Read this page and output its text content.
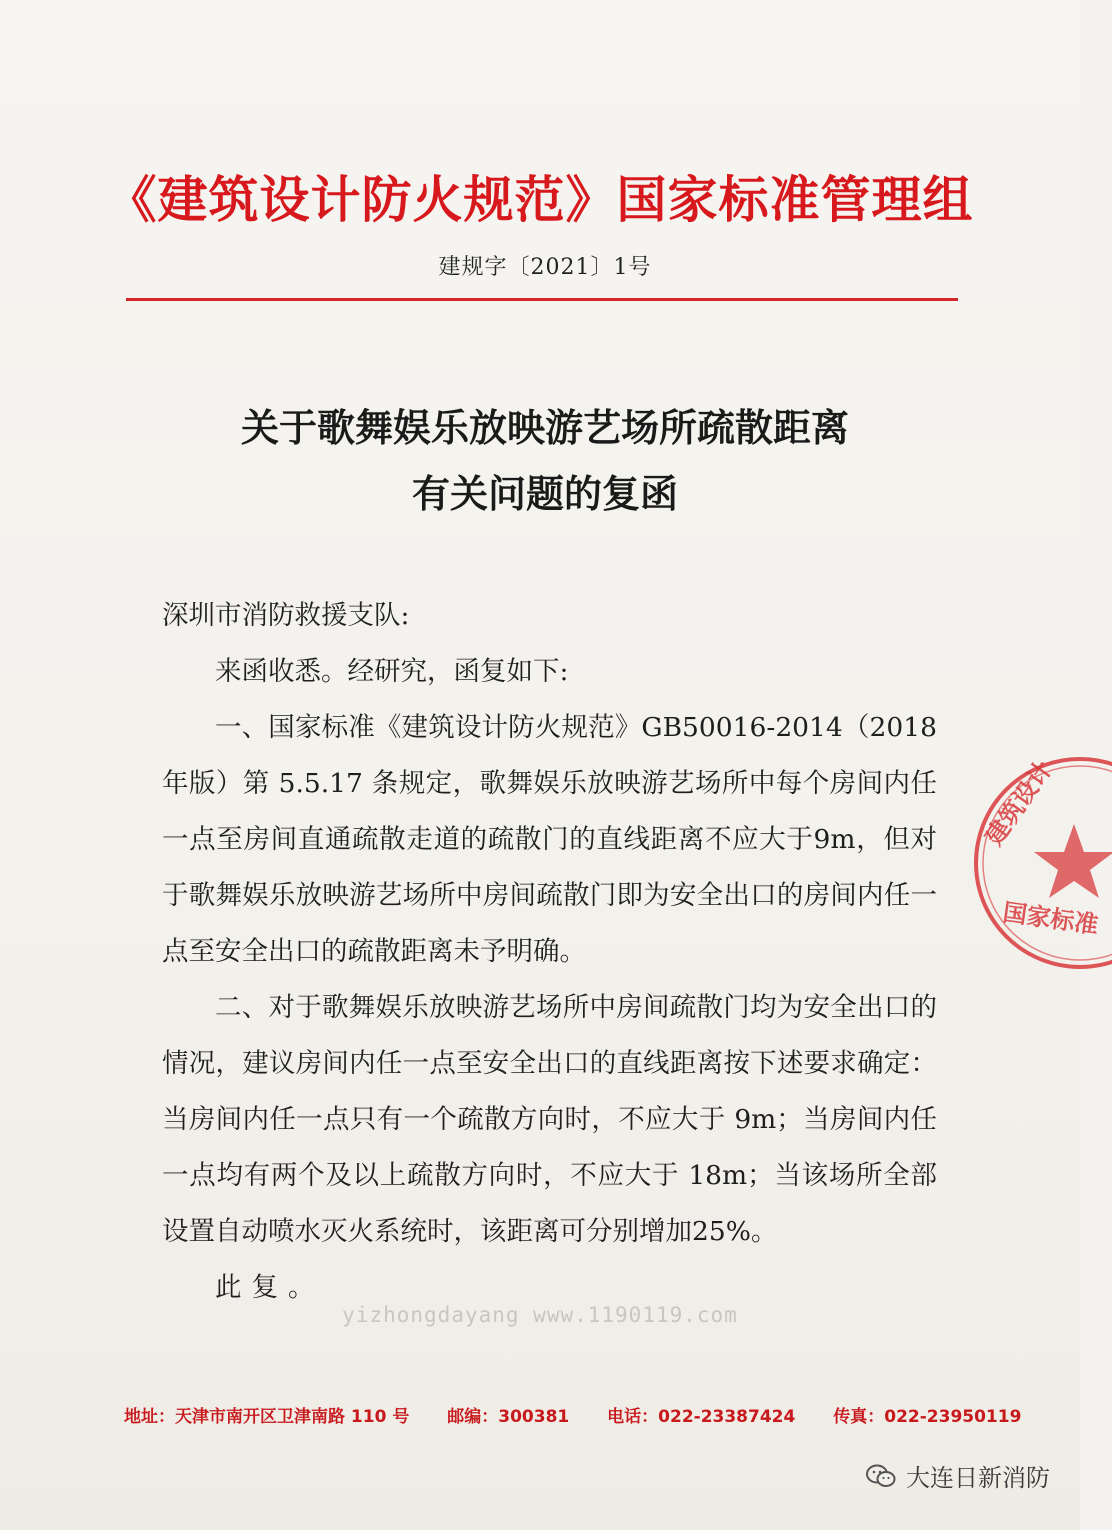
《建筑设计防火规范》国家标准管理组
建规字〔2021〕1号
关于歌舞娱乐放映游艺场所疏散距离
有关问题的复函

深圳市消防救援支队:

来函收悉。经研究，函复如下:

一、国家标准《建筑设计防火规范》GB50016-2014（2018年版）第 5.5.17 条规定，歌舞娱乐放映游艺场所中每个房间内任一点至房间直通疏散走道的疏散门的直线距离不应大于9m，但对于歌舞娱乐放映游艺场所中房间疏散门即为安全出口的房间内任一点至安全出口的疏散距离未予明确。

二、对于歌舞娱乐放映游艺场所中房间疏散门均为安全出口的情况，建议房间内任一点至安全出口的直线距离按下述要求确定：当房间内任一点只有一个疏散方向时，不应大于 9m；当房间内任一点均有两个及以上疏散方向时，不应大于 18m；当该场所全部设置自动喷水灭火系统时，该距离可分别增加25%。

此复。

yizhongdayang www.1190119.com
建筑设计
国家标准
地址：天津市南开区卫津南路 110 号 邮编：300381 电话：022-23387424 传真：022-23950119
大连日新消防
